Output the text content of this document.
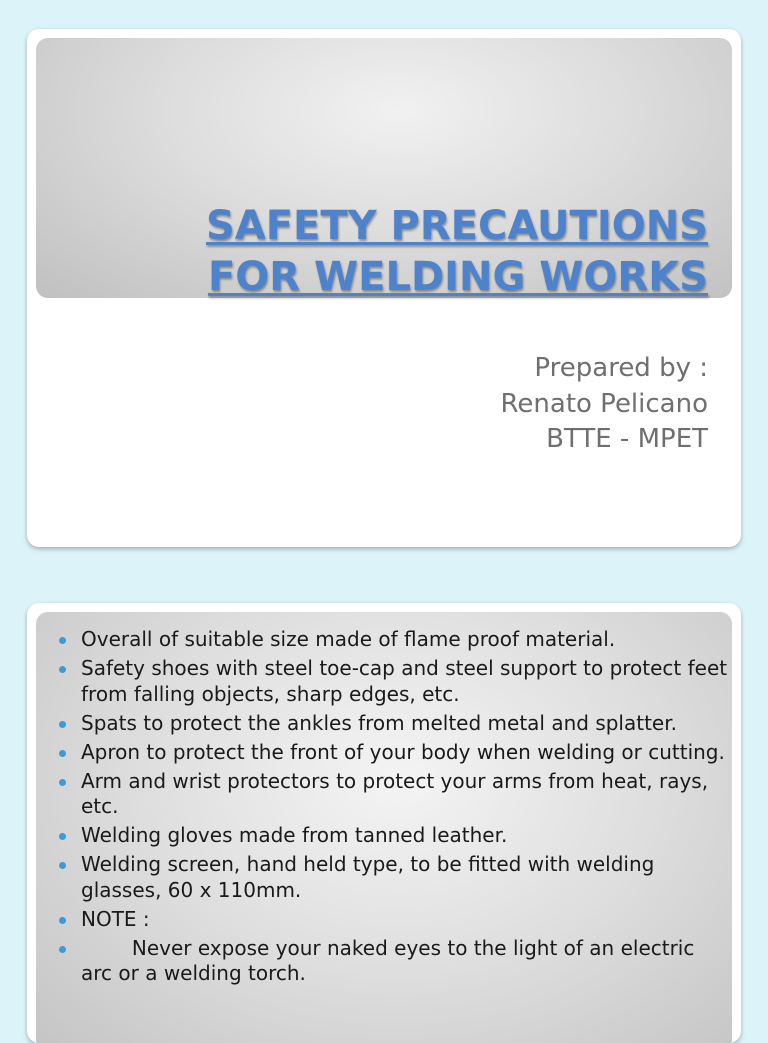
SAFETY PRECAUTIONS
FOR WELDING WORKS
Prepared by :
Renato Pelicano
BTTE - MPET
Overall of suitable size made of flame proof material.
Safety shoes with steel toe-cap and steel support to protect feet from falling objects, sharp edges, etc.
Spats to protect the ankles from melted metal and splatter.
Apron to protect the front of your body when welding or cutting.
Arm and wrist protectors to protect your arms from heat, rays, etc.
Welding gloves made from tanned leather.
Welding screen, hand held type, to be fitted with welding glasses, 60 x 110mm.
NOTE :
Never expose your naked eyes to the light of an electric arc or a welding torch.
